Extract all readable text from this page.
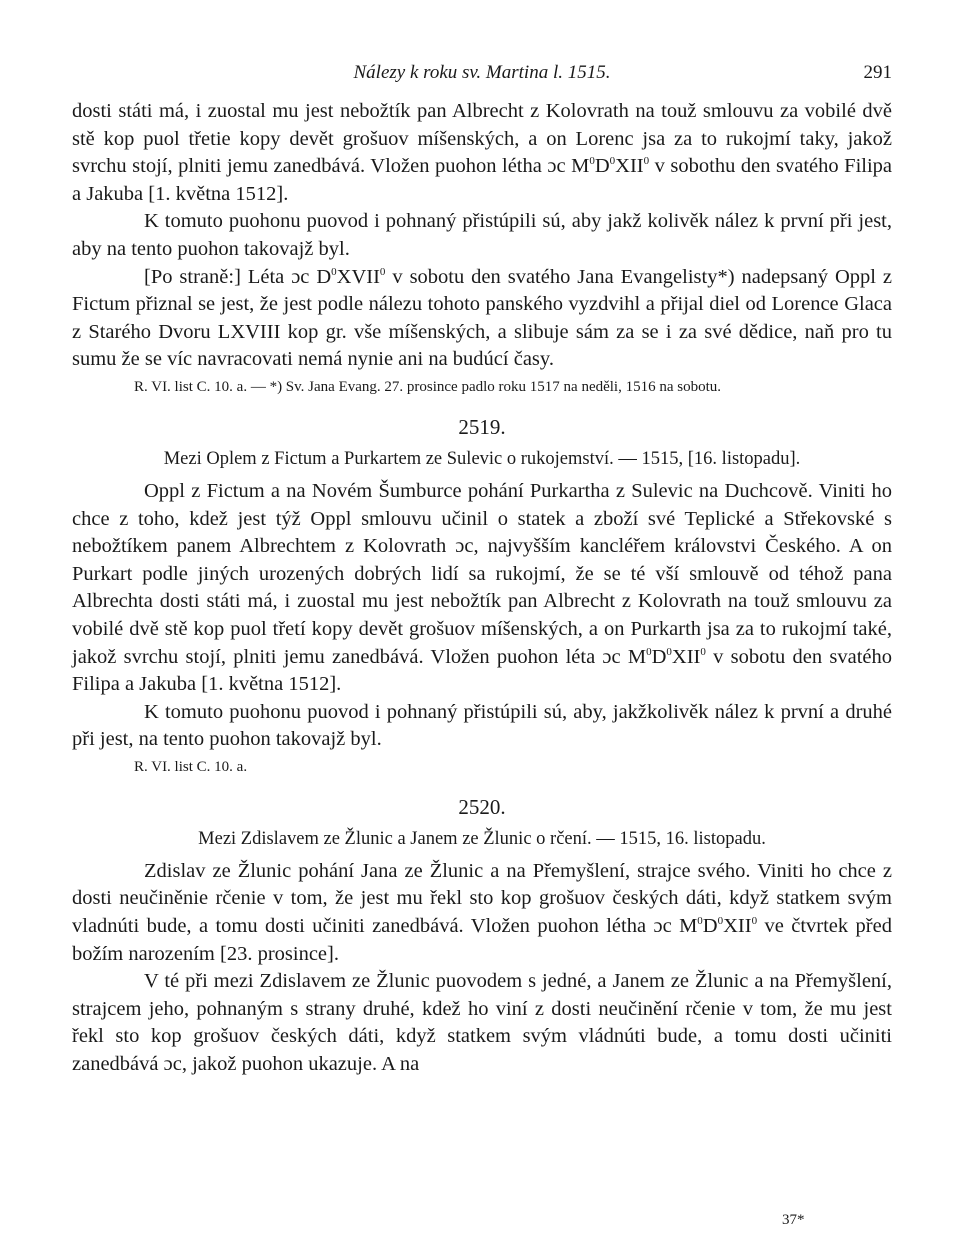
Nálezy k roku sv. Martina l. 1515.	291

dosti státi má, i zuostal mu jest nebožtík pan Albrecht z Kolovrath na touž smlouvu za vobilé dvě stě kop puol třetie kopy devět grošuov míšenských, a on Lorenc jsa za to rukojmí taky, jakož svrchu stojí, plniti jemu zanedbává. Vložen puohon létha ɔc $M^0D^0XII^0$ v sobothu den svatého Filipa a Jakuba [1. května 1512].

K tomuto puohonu puovod i pohnaný přistúpili sú, aby jakž kolivěk nález k první při jest, aby na tento puohon takovajž byl.

[Po straně:] Léta ɔc $D^0XVII^0$ v sobotu den svatého Jana Evangelisty*) nadepsaný Oppl z Fictum přiznal se jest, že jest podle nálezu tohoto panského vyzdvihl a přijal diel od Lorence Glaca z Starého Dvoru LXVIII kop gr. vše míšenských, a slibuje sám za se i za své dědice, naň pro tu sumu že se víc navracovati nemá nynie ani na budúcí časy.

R. VI. list C. 10. a. — *) Sv. Jana Evang. 27. prosince padlo roku 1517 na neděli, 1516 na sobotu.

2519.
Mezi Oplem z Fictum a Purkartem ze Sulevic o rukojemství. — 1515, [16. listopadu].

Oppl z Fictum a na Novém Šumburce pohání Purkartha z Sulevic na Duchcově. Viniti ho chce z toho, kdež jest týž Oppl smlouvu učinil o statek a zboží své Teplické a Střekovské s nebožtíkem panem Albrechtem z Kolovrath ɔc, najvyšším kancléřem královstvi Českého. A on Purkart podle jiných urozených dobrých lidí sa rukojmí, že se té vší smlouvě od téhož pana Albrechta dosti státi má, i zuostal mu jest nebožtík pan Albrecht z Kolovrath na touž smlouvu za vobilé dvě stě kop puol třetí kopy devět grošuov míšenských, a on Purkarth jsa za to rukojmí také, jakož svrchu stojí, plniti jemu zanedbává. Vložen puohon léta ɔc $M^0D^0XII^0$ v sobotu den svatého Filipa a Jakuba [1. května 1512].

K tomuto puohonu puovod i pohnaný přistúpili sú, aby, jakžkolivěk nález k první a druhé při jest, na tento puohon takovajž byl.

R. VI. list C. 10. a.

2520.
Mezi Zdislavem ze Žlunic a Janem ze Žlunic o rčení. — 1515, 16. listopadu.

Zdislav ze Žlunic pohání Jana ze Žlunic a na Přemyšlení, strajce svého. Viniti ho chce z dosti neučiněnie rčenie v tom, že jest mu řekl sto kop grošuov českých dáti, když statkem svým vladnúti bude, a tomu dosti učiniti zanedbává. Vložen puohon létha ɔc $M^0D^0XII^0$ ve čtvrtek před božím narozením [23. prosince].

V té při mezi Zdislavem ze Žlunic puovodem s jedné, a Janem ze Žlunic a na Přemyšlení, strajcem jeho, pohnaným s strany druhé, kdež ho viní z dosti neučinění rčenie v tom, že mu jest řekl sto kop grošuov českých dáti, když statkem svým vládnúti bude, a tomu dosti učiniti zanedbává ɔc, jakož puohon ukazuje. A na

37*
